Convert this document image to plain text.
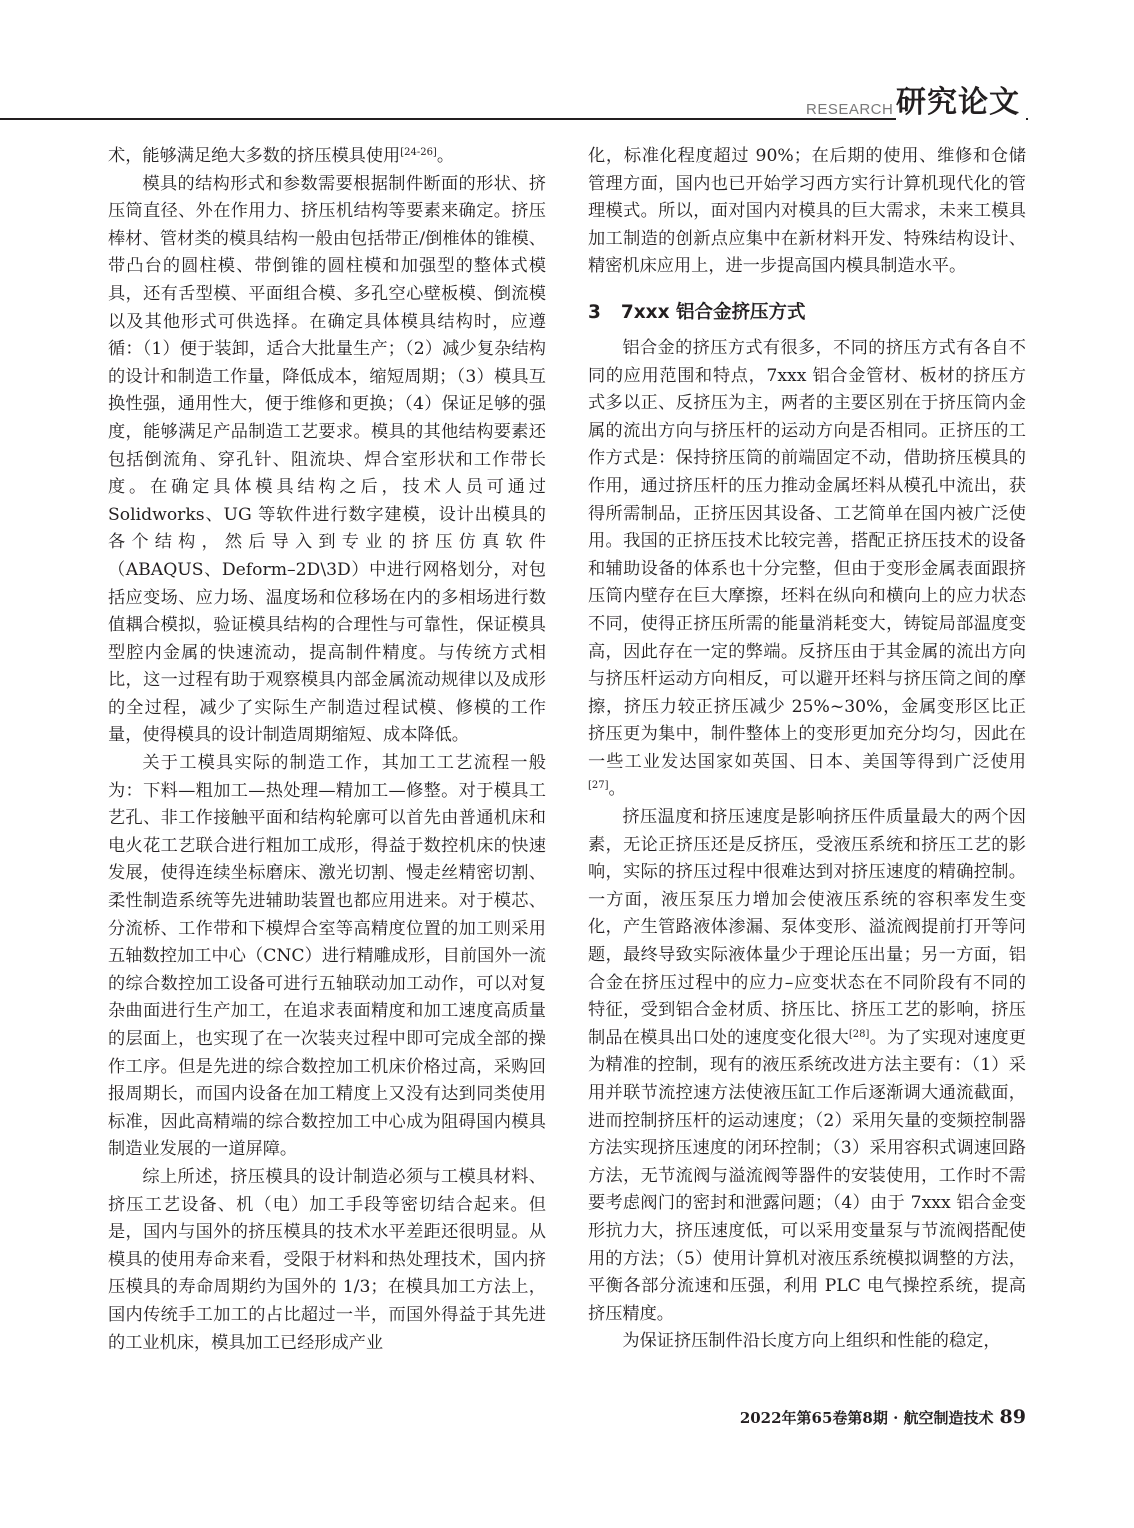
RESEARCH 研究论文

术，能够满足绝大多数的挤压模具使用[24-26]。

模具的结构形式和参数需要根据制件断面的形状、挤压筒直径、外在作用力、挤压机结构等要素来确定。挤压棒材、管材类的模具结构一般由包括带正/倒椎体的锥模、带凸台的圆柱模、带倒锥的圆柱模和加强型的整体式模具，还有舌型模、平面组合模、多孔空心壁板模、倒流模以及其他形式可供选择。在确定具体模具结构时，应遵循：（1）便于装卸，适合大批量生产；（2）减少复杂结构的设计和制造工作量，降低成本，缩短周期；（3）模具互换性强，通用性大，便于维修和更换；（4）保证足够的强度，能够满足产品制造工艺要求。模具的其他结构要素还包括倒流角、穿孔针、阻流块、焊合室形状和工作带长度。在确定具体模具结构之后，技术人员可通过 Solidworks、UG 等软件进行数字建模，设计出模具的各个结构，然后导入到专业的挤压仿真软件（ABAQUS、Deform–2D\3D）中进行网格划分，对包括应变场、应力场、温度场和位移场在内的多相场进行数值耦合模拟，验证模具结构的合理性与可靠性，保证模具型腔内金属的快速流动，提高制件精度。与传统方式相比，这一过程有助于观察模具内部金属流动规律以及成形的全过程，减少了实际生产制造过程试模、修模的工作量，使得模具的设计制造周期缩短、成本降低。

关于工模具实际的制造工作，其加工工艺流程一般为：下料—粗加工—热处理—精加工—修整。对于模具工艺孔、非工作接触平面和结构轮廓可以首先由普通机床和电火花工艺联合进行粗加工成形，得益于数控机床的快速发展，使得连续坐标磨床、激光切割、慢走丝精密切割、柔性制造系统等先进辅助装置也都应用进来。对于模芯、分流桥、工作带和下模焊合室等高精度位置的加工则采用五轴数控加工中心（CNC）进行精雕成形，目前国外一流的综合数控加工设备可进行五轴联动加工动作，可以对复杂曲面进行生产加工，在追求表面精度和加工速度高质量的层面上，也实现了在一次装夹过程中即可完成全部的操作工序。但是先进的综合数控加工机床价格过高，采购回报周期长，而国内设备在加工精度上又没有达到同类使用标准，因此高精端的综合数控加工中心成为阻碍国内模具制造业发展的一道屏障。

综上所述，挤压模具的设计制造必须与工模具材料、挤压工艺设备、机（电）加工手段等密切结合起来。但是，国内与国外的挤压模具的技术水平差距还很明显。从模具的使用寿命来看，受限于材料和热处理技术，国内挤压模具的寿命周期约为国外的 1/3；在模具加工方法上，国内传统手工加工的占比超过一半，而国外得益于其先进的工业机床，模具加工已经形成产业

化，标准化程度超过 90%；在后期的使用、维修和仓储管理方面，国内也已开始学习西方实行计算机现代化的管理模式。所以，面对国内对模具的巨大需求，未来工模具加工制造的创新点应集中在新材料开发、特殊结构设计、精密机床应用上，进一步提高国内模具制造水平。

3 7xxx 铝合金挤压方式

铝合金的挤压方式有很多，不同的挤压方式有各自不同的应用范围和特点，7xxx 铝合金管材、板材的挤压方式多以正、反挤压为主，两者的主要区别在于挤压筒内金属的流出方向与挤压杆的运动方向是否相同。正挤压的工作方式是：保持挤压筒的前端固定不动，借助挤压模具的作用，通过挤压杆的压力推动金属坯料从模孔中流出，获得所需制品，正挤压因其设备、工艺简单在国内被广泛使用。我国的正挤压技术比较完善，搭配正挤压技术的设备和辅助设备的体系也十分完整，但由于变形金属表面跟挤压筒内壁存在巨大摩擦，坯料在纵向和横向上的应力状态不同，使得正挤压所需的能量消耗变大，铸锭局部温度变高，因此存在一定的弊端。反挤压由于其金属的流出方向与挤压杆运动方向相反，可以避开坯料与挤压筒之间的摩擦，挤压力较正挤压减少 25%~30%，金属变形区比正挤压更为集中，制件整体上的变形更加充分均匀，因此在一些工业发达国家如英国、日本、美国等得到广泛使用[27]。

挤压温度和挤压速度是影响挤压件质量最大的两个因素，无论正挤压还是反挤压，受液压系统和挤压工艺的影响，实际的挤压过程中很难达到对挤压速度的精确控制。一方面，液压泵压力增加会使液压系统的容积率发生变化，产生管路液体渗漏、泵体变形、溢流阀提前打开等问题，最终导致实际液体量少于理论压出量；另一方面，铝合金在挤压过程中的应力–应变状态在不同阶段有不同的特征，受到铝合金材质、挤压比、挤压工艺的影响，挤压制品在模具出口处的速度变化很大[28]。为了实现对速度更为精准的控制，现有的液压系统改进方法主要有：（1）采用并联节流控速方法使液压缸工作后逐渐调大通流截面，进而控制挤压杆的运动速度；（2）采用矢量的变频控制器方法实现挤压速度的闭环控制；（3）采用容积式调速回路方法，无节流阀与溢流阀等器件的安装使用，工作时不需要考虑阀门的密封和泄露问题；（4）由于 7xxx 铝合金变形抗力大，挤压速度低，可以采用变量泵与节流阀搭配使用的方法；（5）使用计算机对液压系统模拟调整的方法，平衡各部分流速和压强，利用 PLC 电气操控系统，提高挤压精度。

为保证挤压制件沿长度方向上组织和性能的稳定，

2022年第65卷第8期 · 航空制造技术 89
